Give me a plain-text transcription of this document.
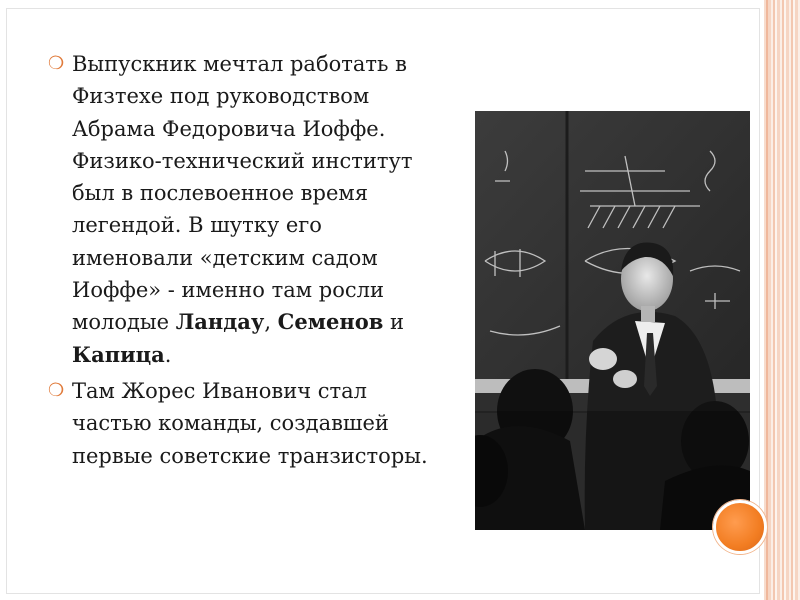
❍ Выпускник мечтал работать в Физтехе под руководством Абрама Федоровича Иоффе. Физико-технический институт был в послевоенное время легендой. В шутку его именовали «детским садом Иоффе» - именно там росли молодые Ландау, Семенов и Капица.
❍ Там Жорес Иванович стал частью команды, создавшей первые советские транзисторы.
